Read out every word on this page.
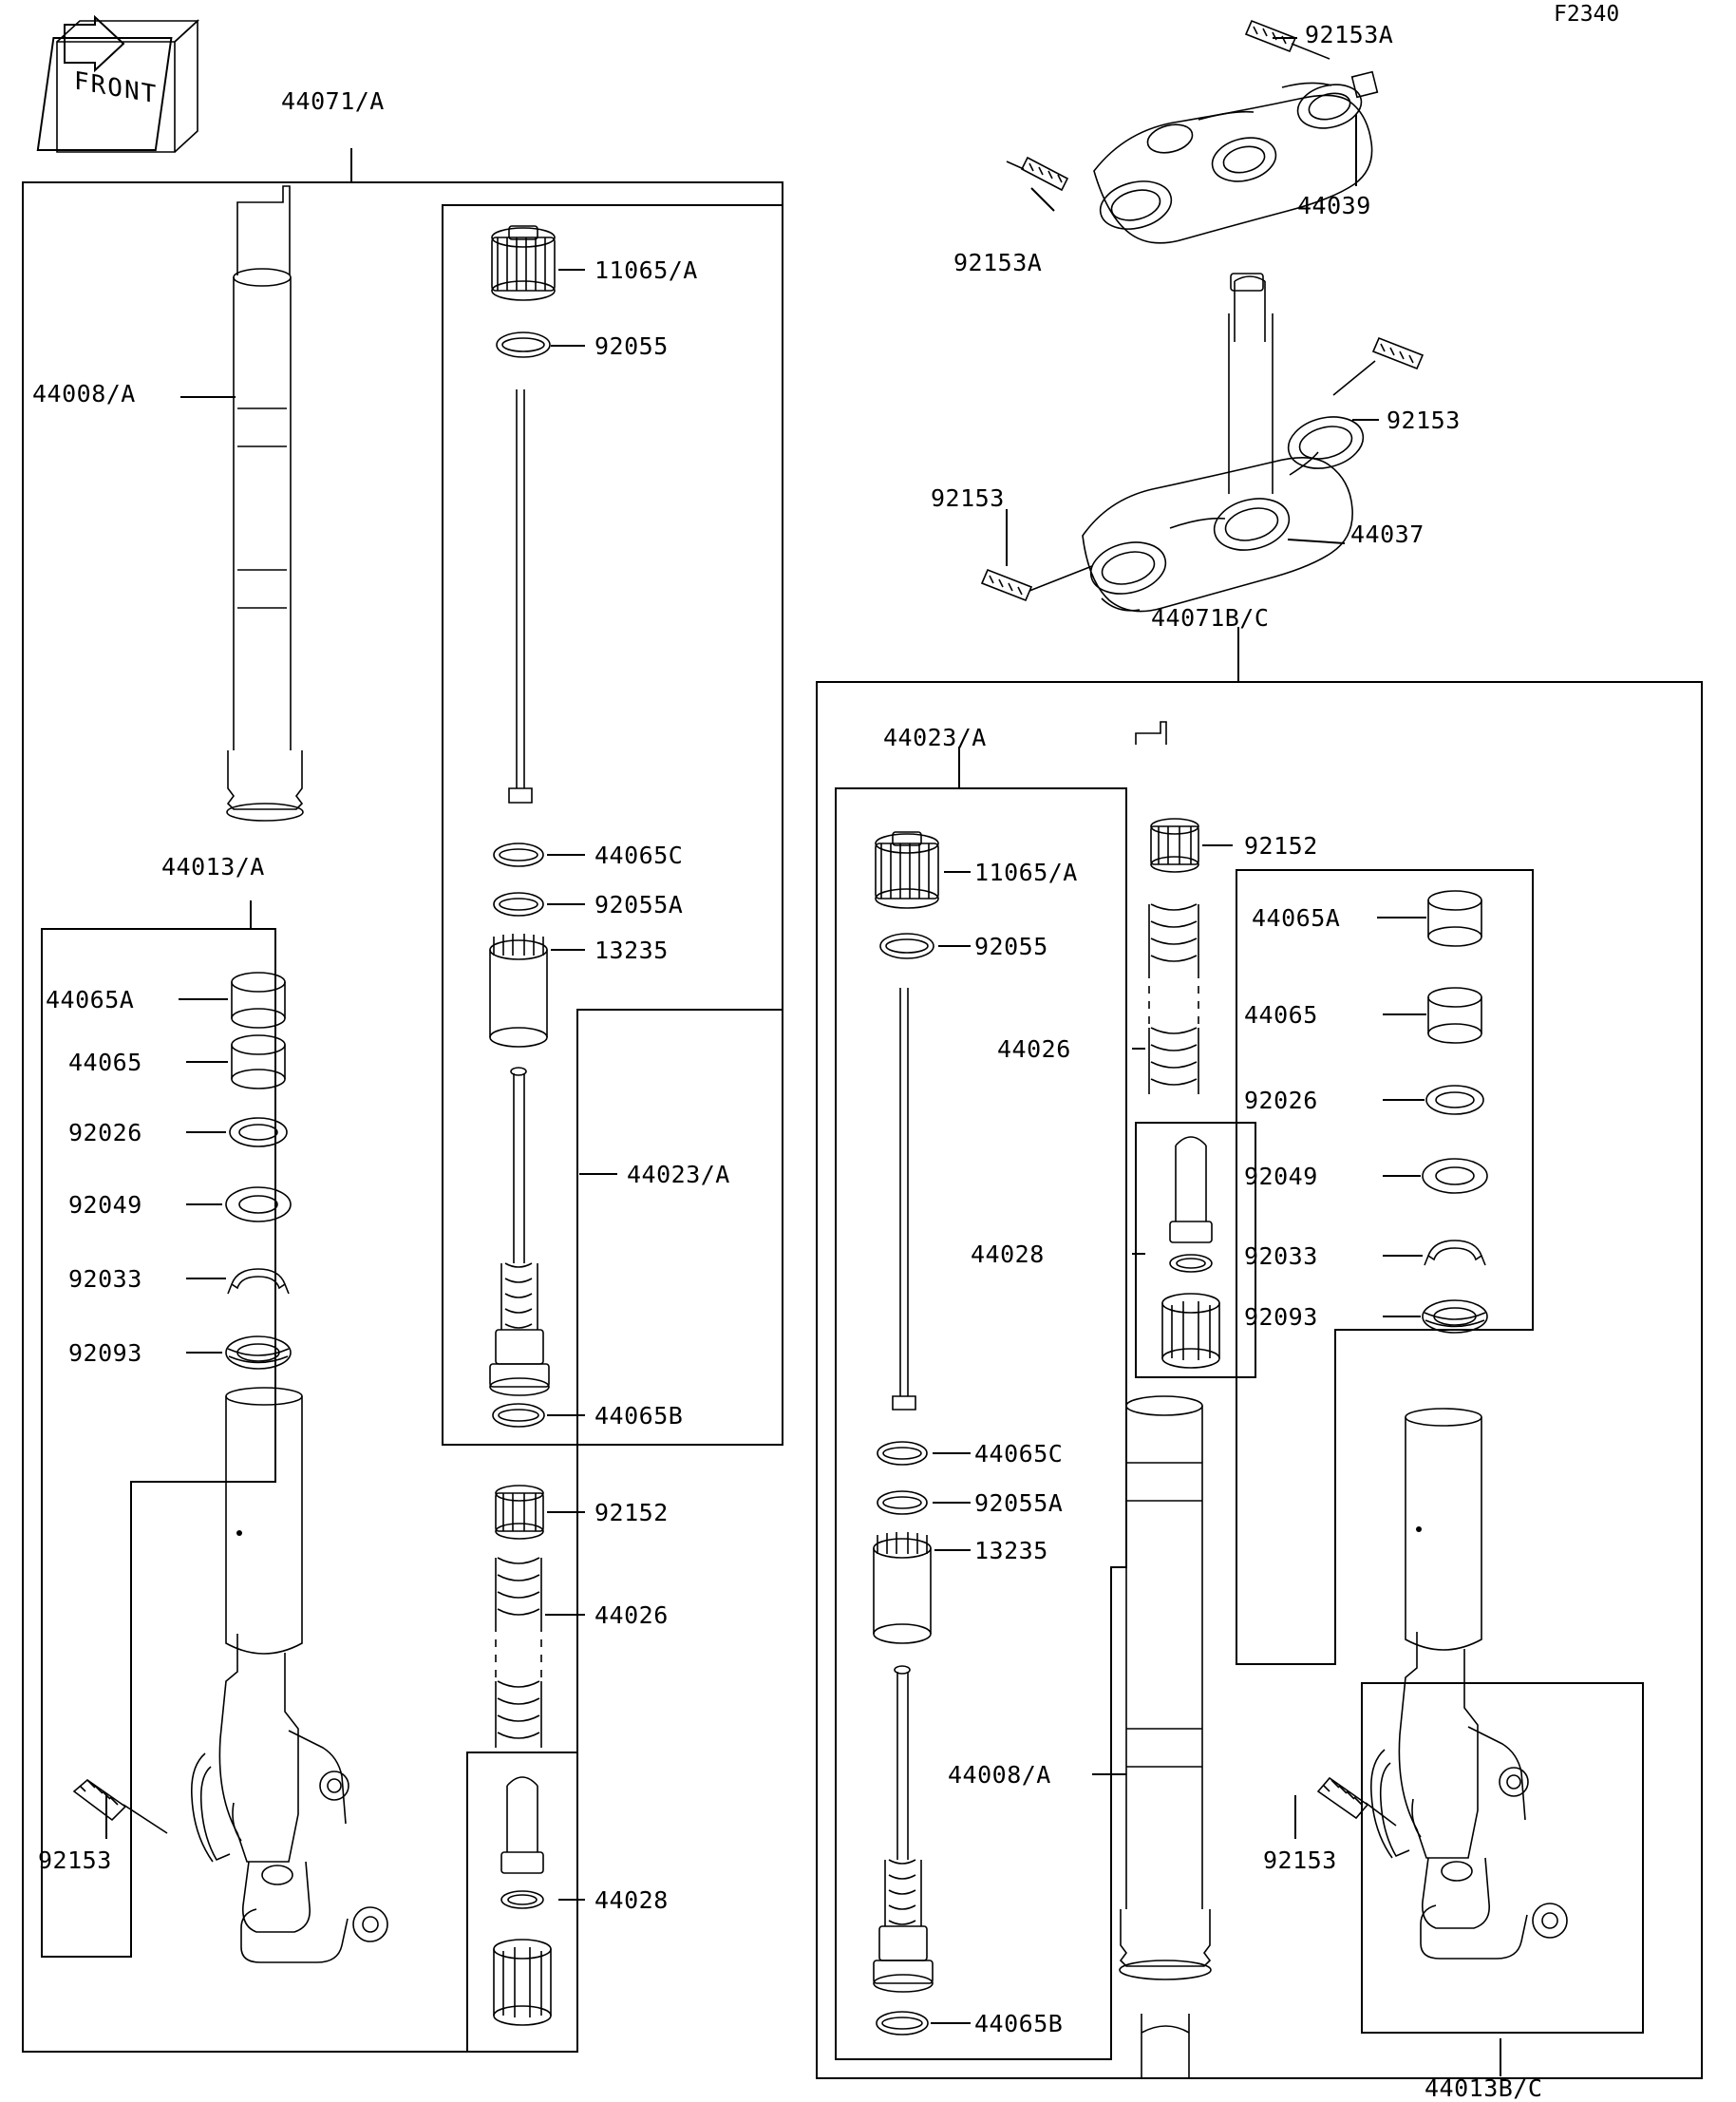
F2340
44071/A
44008/A
44013/A
11065/A
92055
44065C
92055A
13235
44023/A
44065B
92152
44026
44028
44065A
44065
92026
92049
92033
92093
92153
92153A
92153A
44039
92153
92153
44037
44071B/C
44023/A
11065/A
92055
92152
44026
44028
44065A
44065
92026
92049
92033
92093
44065C
92055A
13235
44008/A
44065B
92153
44013B/C
FRONT
